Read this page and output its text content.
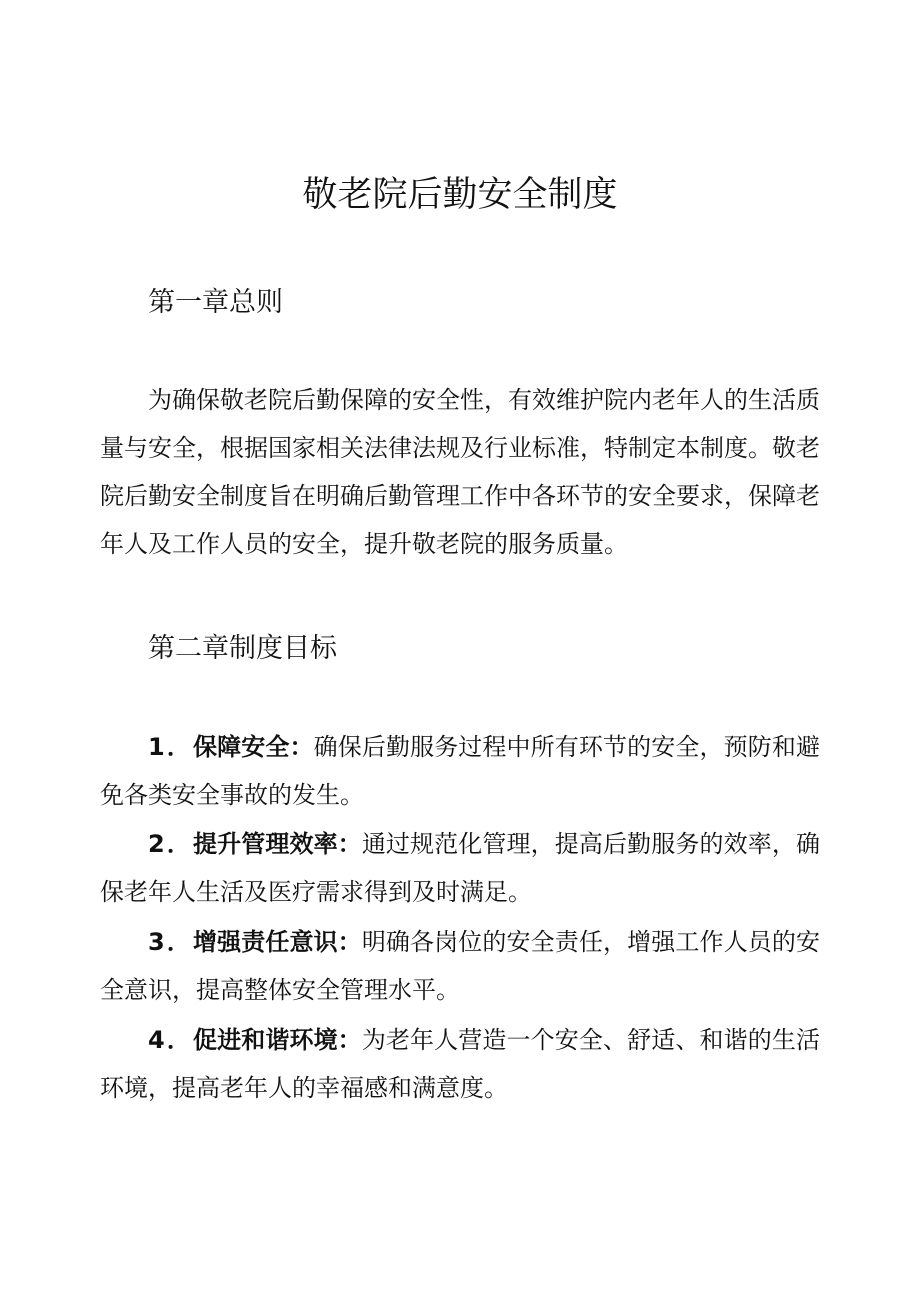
敬老院后勤安全制度
第一章总则

为确保敬老院后勤保障的安全性，有效维护院内老年人的生活质量与安全，根据国家相关法律法规及行业标准，特制定本制度。敬老院后勤安全制度旨在明确后勤管理工作中各环节的安全要求，保障老年人及工作人员的安全，提升敬老院的服务质量。

第二章制度目标

1．保障安全：确保后勤服务过程中所有环节的安全，预防和避免各类安全事故的发生。

2．提升管理效率：通过规范化管理，提高后勤服务的效率，确保老年人生活及医疗需求得到及时满足。

3．增强责任意识：明确各岗位的安全责任，增强工作人员的安全意识，提高整体安全管理水平。

4．促进和谐环境：为老年人营造一个安全、舒适、和谐的生活环境，提高老年人的幸福感和满意度。
